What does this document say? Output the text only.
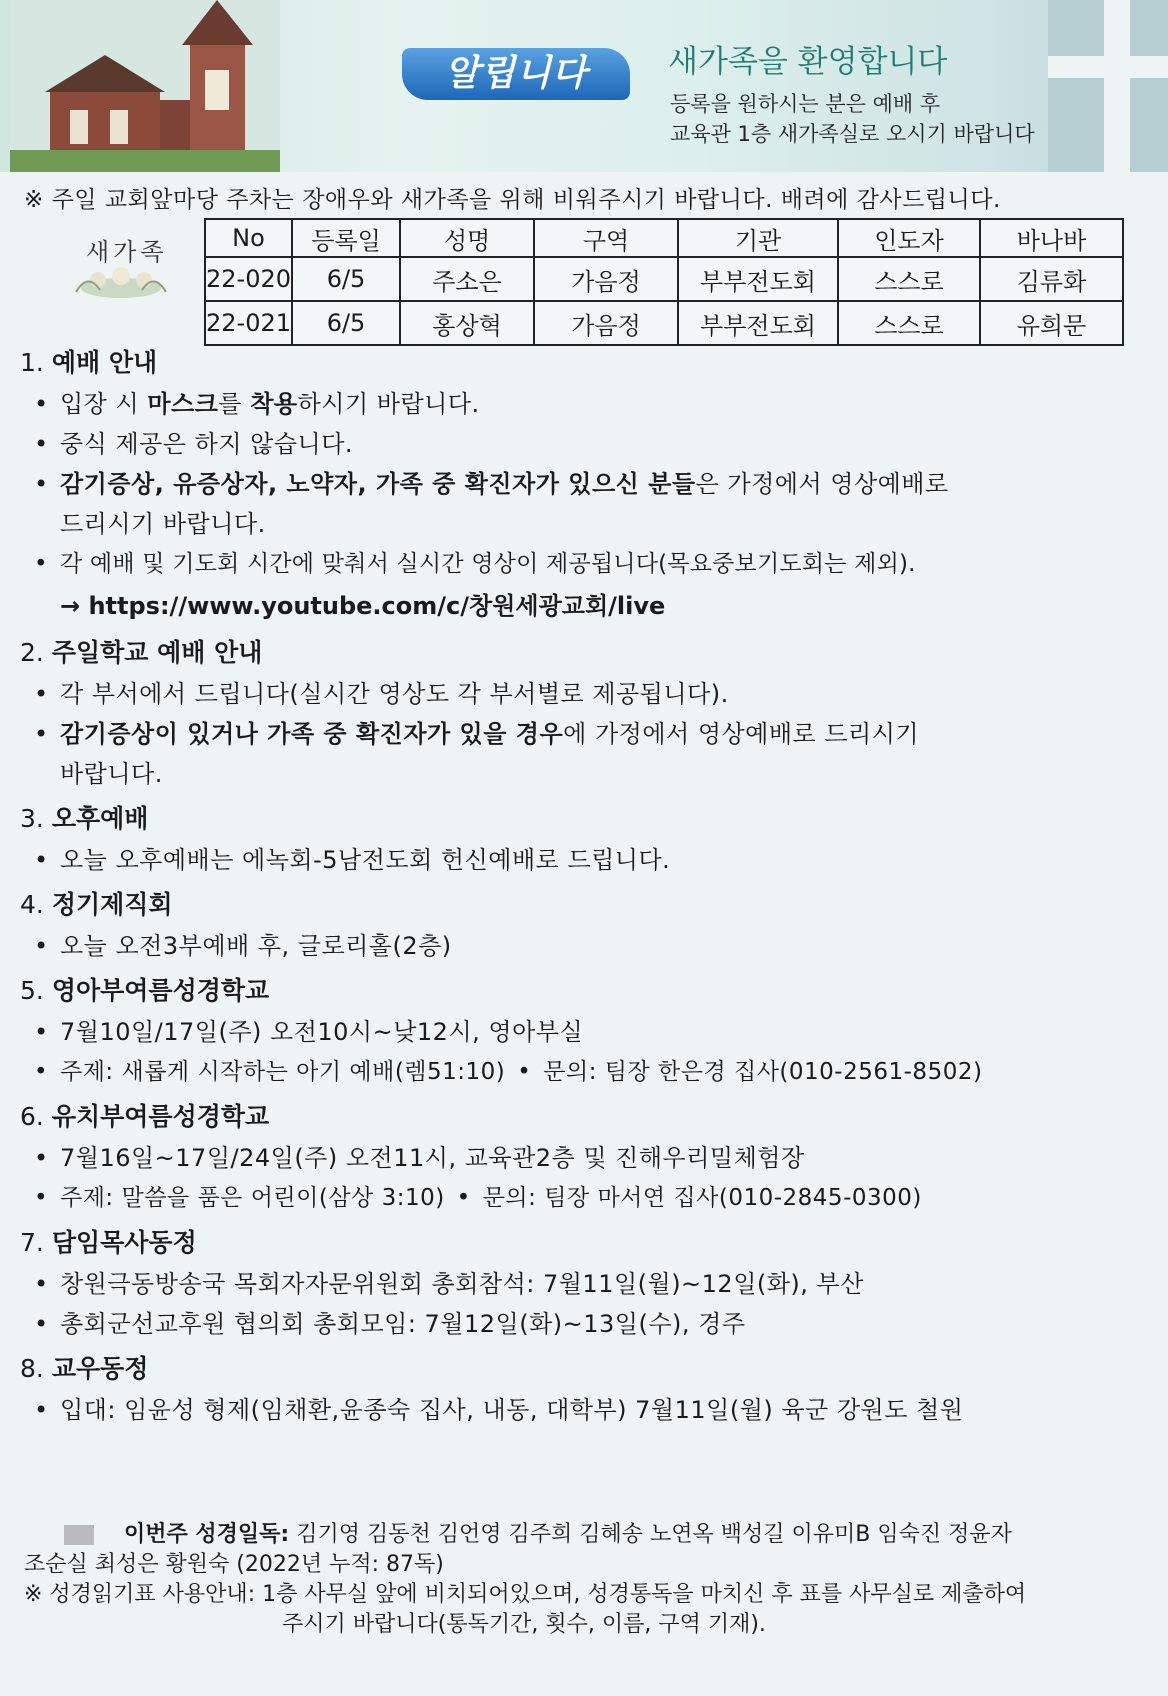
알립니다	새가족을 환영합니다
등록을 원하시는 분은 예배 후
교육관 1층 새가족실로 오시기 바랍니다
※ 주일 교회앞마당 주차는 장애우와 새가족을 위해 비워주시기 바랍니다. 배려에 감사드립니다.
새가족	No	등록일	성명	구역	기관	인도자	바나바
22-020	6/5	주소은	가음정	부부전도회	스스로	김류화
22-021	6/5	홍상혁	가음정	부부전도회	스스로	유희문
1. 예배 안내
• 입장 시 마스크를 착용하시기 바랍니다.
• 중식 제공은 하지 않습니다.
• 감기증상, 유증상자, 노약자, 가족 중 확진자가 있으신 분들은 가정에서 영상예배로
드리시기 바랍니다.
• 각 예배 및 기도회 시간에 맞춰서 실시간 영상이 제공됩니다(목요중보기도회는 제외).
→ https://www.youtube.com/c/창원세광교회/live
2. 주일학교 예배 안내
• 각 부서에서 드립니다(실시간 영상도 각 부서별로 제공됩니다).
• 감기증상이 있거나 가족 중 확진자가 있을 경우에 가정에서 영상예배로 드리시기
바랍니다.
3. 오후예배
• 오늘 오후예배는 에녹회-5남전도회 헌신예배로 드립니다.
4. 정기제직회
• 오늘 오전3부예배 후, 글로리홀(2층)
5. 영아부여름성경학교
• 7월10일/17일(주) 오전10시~낮12시, 영아부실
• 주제: 새롭게 시작하는 아기 예배(렘51:10) • 문의: 팀장 한은경 집사(010-2561-8502)
6. 유치부여름성경학교
• 7월16일~17일/24일(주) 오전11시, 교육관2층 및 진해우리밀체험장
• 주제: 말씀을 품은 어린이(삼상 3:10) • 문의: 팀장 마서연 집사(010-2845-0300)
7. 담임목사동정
• 창원극동방송국 목회자자문위원회 총회참석: 7월11일(월)~12일(화), 부산
• 총회군선교후원 협의회 총회모임: 7월12일(화)~13일(수), 경주
8. 교우동정
• 입대: 임윤성 형제(임채환,윤종숙 집사, 내동, 대학부) 7월11일(월) 육군 강원도 철원
이번주 성경일독: 김기영 김동천 김언영 김주희 김혜송 노연옥 백성길 이유미B 임숙진 정윤자
조순실 최성은 황원숙 (2022년 누적: 87독)
※ 성경읽기표 사용안내: 1층 사무실 앞에 비치되어있으며, 성경통독을 마치신 후 표를 사무실로 제출하여
주시기 바랍니다(통독기간, 횟수, 이름, 구역 기재).
